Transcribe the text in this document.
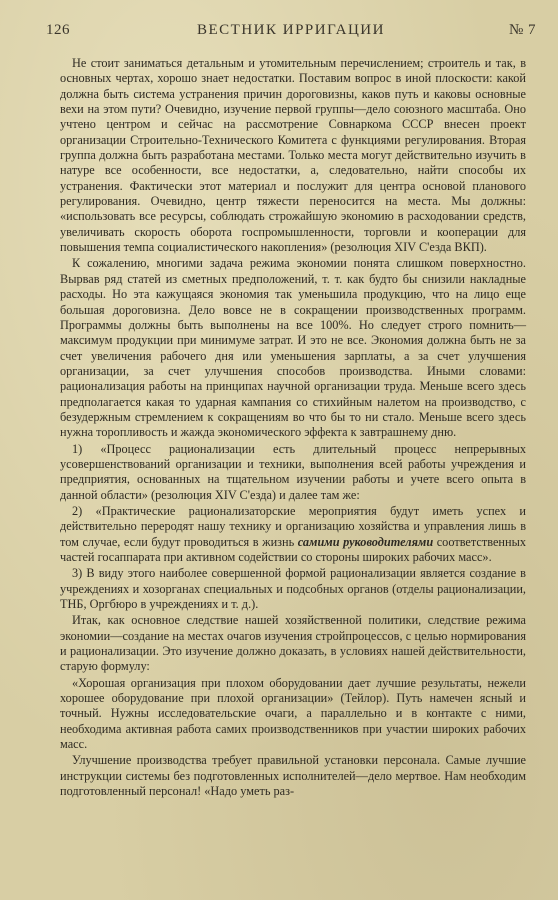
126	ВЕСТНИК ИРРИГАЦИИ	№ 7

Не стоит заниматься детальным и утомительным перечислением; строитель и так, в основных чертах, хорошо знает недостатки. Поставим вопрос в иной плоскости: какой должна быть система устранения причин дороговизны, каков путь и каковы основные вехи на этом пути? Очевидно, изучение первой группы—дело союзного масштаба. Оно учтено центром и сейчас на рассмотрение Совнаркома СССР внесен проект организации Строительно-Технического Комитета с функциями регулирования. Вторая группа должна быть разработана местами. Только места могут действительно изучить в натуре все особенности, все недостатки, а, следовательно, найти способы их устранения. Фактически этот материал и послужит для центра основой планового регулирования. Очевидно, центр тяжести переносится на места. Мы должны: «использовать все ресурсы, соблюдать строжайшую экономию в расходовании средств, увеличивать скорость оборота госпромышленности, торговли и кооперации для повышения темпа социалистического накопления» (резолюция XIV С'езда ВКП).

К сожалению, многими задача режима экономии понята слишком поверхностно. Вырвав ряд статей из сметных предположений, т. т. как будто бы снизили накладные расходы. Но эта кажущаяся экономия так уменьшила продукцию, что на лицо еще большая дороговизна. Дело вовсе не в сокращении производственных программ. Программы должны быть выполнены на все 100%. Но следует строго помнить—максимум продукции при минимуме затрат. И это не все. Экономия должна быть не за счет увеличения рабочего дня или уменьшения зарплаты, а за счет улучшения организации, за счет улучшения способов производства. Иными словами: рационализация работы на принципах научной организации труда. Меньше всего здесь предполагается какая то ударная кампания со стихийным налетом на производство, с безудержным стремлением к сокращениям во что бы то ни стало. Меньше всего здесь нужна торопливость и жажда экономического эффекта к завтрашнему дню.

1) «Процесс рационализации есть длительный процесс непрерывных усовершенствований организации и техники, выполнения всей работы учреждения и предприятия, основанных на тщательном изучении работы и учете всего опыта в данной области» (резолюция XIV С'езда) и далее там же:

2) «Практические рационализаторские мероприятия будут иметь успех и действительно переродят нашу технику и организацию хозяйства и управления лишь в том случае, если будут проводиться в жизнь самими руководителями соответственных частей госаппарата при активном содействии со стороны широких рабочих масс».

3) В виду этого наиболее совершенной формой рационализации является создание в учреждениях и хозорганах специальных и подсобных органов (отделы рационализации, ТНБ, Оргбюро в учреждениях и т. д.).

Итак, как основное следствие нашей хозяйственной политики, следствие режима экономии—создание на местах очагов изучения стройпроцессов, с целью нормирования и рационализации. Это изучение должно доказать, в условиях нашей действительности, старую формулу:

«Хорошая организация при плохом оборудовании дает лучшие результаты, нежели хорошее оборудование при плохой организации» (Тейлор). Путь намечен ясный и точный. Нужны исследовательские очаги, а параллельно и в контакте с ними, необходима активная работа самих производственников при участии широких рабочих масс.

Улучшение производства требует правильной установки персонала. Самые лучшие инструкции системы без подготовленных исполнителей—дело мертвое. Нам необходим подготовленный персонал! «Надо уметь раз-
